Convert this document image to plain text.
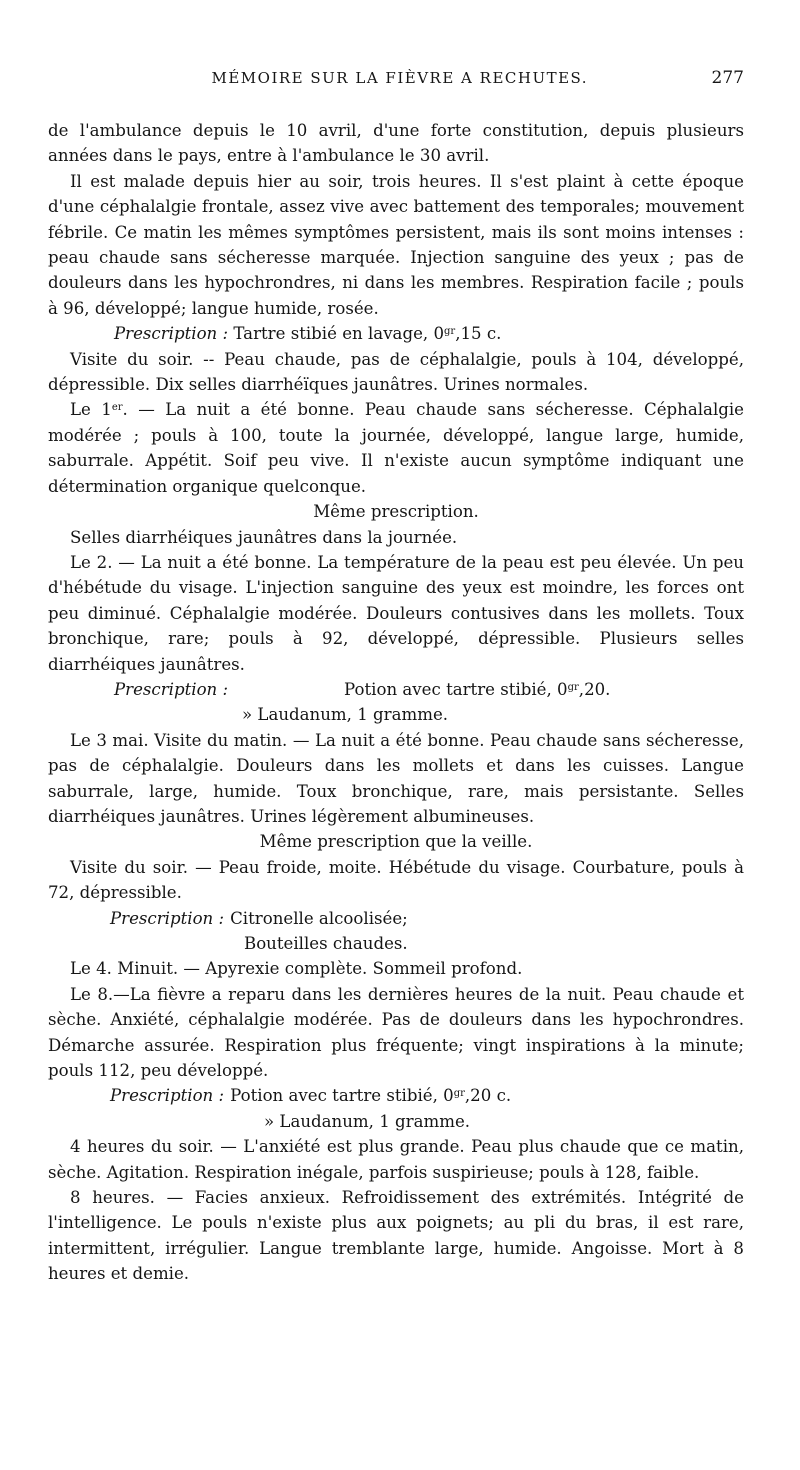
MÉMOIRE SUR LA FIÈVRE A RECHUTES.	277

de l'ambulance depuis le 10 avril, d'une forte constitution, depuis plusieurs années dans le pays, entre à l'ambulance le 30 avril.

Il est malade depuis hier au soir, trois heures. Il s'est plaint à cette époque d'une céphalalgie frontale, assez vive avec battement des temporales; mouvement fébrile. Ce matin les mêmes symptômes persistent, mais ils sont moins intenses : peau chaude sans sécheresse marquée. Injection sanguine des yeux ; pas de douleurs dans les hypochrondres, ni dans les membres. Respiration facile ; pouls à 96, développé; langue humide, rosée.

Prescription : Tartre stibié en lavage, $0^{gr},15$ c.

Visite du soir. -- Peau chaude, pas de céphalalgie, pouls à 104, développé, dépressible. Dix selles diarrhéïques jaunâtres. Urines normales.

Le 1er. — La nuit a été bonne. Peau chaude sans sécheresse. Céphalalgie modérée ; pouls à 100, toute la journée, développé, langue large, humide, saburrale. Appétit. Soif peu vive. Il n'existe aucun symptôme indiquant une détermination organique quelconque.

Même prescription.

Selles diarrhéiques jaunâtres dans la journée.

Le 2. — La nuit a été bonne. La température de la peau est peu élevée. Un peu d'hébétude du visage. L'injection sanguine des yeux est moindre, les forces ont peu diminué. Céphalalgie modérée. Douleurs contusives dans les mollets. Toux bronchique, rare; pouls à 92, développé, dépressible. Plusieurs selles diarrhéiques jaunâtres.

Prescription :	Potion avec tartre stibié, $0^{gr},20$.
» Laudanum, 1 gramme.

Le 3 mai. Visite du matin. — La nuit a été bonne. Peau chaude sans sécheresse, pas de céphalalgie. Douleurs dans les mollets et dans les cuisses. Langue saburrale, large, humide. Toux bronchique, rare, mais persistante. Selles diarrhéiques jaunâtres. Urines légèrement albumineuses.

Même prescription que la veille.

Visite du soir. — Peau froide, moite. Hébétude du visage. Courbature, pouls à 72, dépressible.

Prescription : Citronelle alcoolisée;
Bouteilles chaudes.

Le 4. Minuit. — Apyrexie complète. Sommeil profond.

Le 8.—La fièvre a reparu dans les dernières heures de la nuit. Peau chaude et sèche. Anxiété, céphalalgie modérée. Pas de douleurs dans les hypochrondres. Démarche assurée. Respiration plus fréquente; vingt inspirations à la minute; pouls 112, peu développé.

Prescription : Potion avec tartre stibié, $0^{gr},20$ c.
» Laudanum, 1 gramme.

4 heures du soir. — L'anxiété est plus grande. Peau plus chaude que ce matin, sèche. Agitation. Respiration inégale, parfois suspirieuse; pouls à 128, faible.

8 heures. — Facies anxieux. Refroidissement des extrémités. Intégrité de l'intelligence. Le pouls n'existe plus aux poignets; au pli du bras, il est rare, intermittent, irrégulier. Langue tremblante large, humide. Angoisse. Mort à 8 heures et demie.
